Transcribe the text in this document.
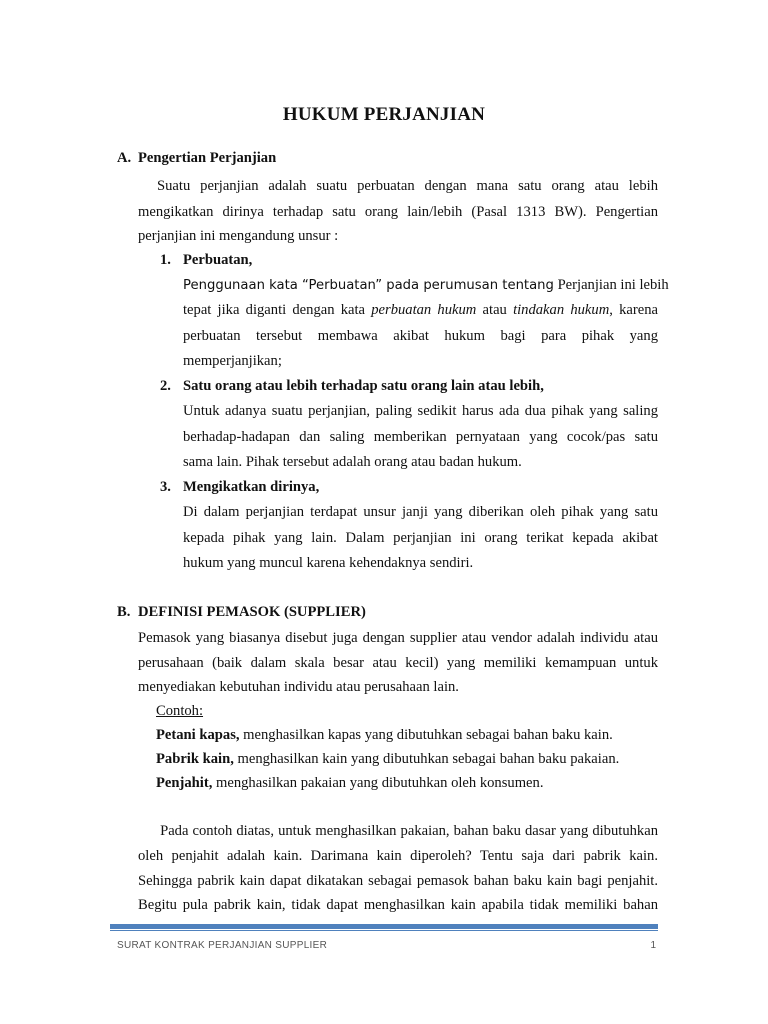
HUKUM PERJANJIAN
A. Pengertian Perjanjian
Suatu perjanjian adalah suatu perbuatan dengan mana satu orang atau lebih
mengikatkan dirinya terhadap satu orang lain/lebih (Pasal 1313 BW). Pengertian
perjanjian ini mengandung unsur :
1. Perbuatan,
Penggunaan kata “Perbuatan” pada perumusan tentang Perjanjian ini lebih
tepat jika diganti dengan kata perbuatan hukum atau tindakan hukum, karena
perbuatan tersebut membawa akibat hukum bagi para pihak yang
memperjanjikan;
2. Satu orang atau lebih terhadap satu orang lain atau lebih,
Untuk adanya suatu perjanjian, paling sedikit harus ada dua pihak yang saling
berhadap-hadapan dan saling memberikan pernyataan yang cocok/pas satu
sama lain. Pihak tersebut adalah orang atau badan hukum.
3. Mengikatkan dirinya,
Di dalam perjanjian terdapat unsur janji yang diberikan oleh pihak yang satu
kepada pihak yang lain. Dalam perjanjian ini orang terikat kepada akibat
hukum yang muncul karena kehendaknya sendiri.
B. DEFINISI PEMASOK (SUPPLIER)
Pemasok yang biasanya disebut juga dengan supplier atau vendor adalah individu atau
perusahaan (baik dalam skala besar atau kecil) yang memiliki kemampuan untuk
menyediakan kebutuhan individu atau perusahaan lain.
Contoh:
Petani kapas, menghasilkan kapas yang dibutuhkan sebagai bahan baku kain.
Pabrik kain, menghasilkan kain yang dibutuhkan sebagai bahan baku pakaian.
Penjahit, menghasilkan pakaian yang dibutuhkan oleh konsumen.
Pada contoh diatas, untuk menghasilkan pakaian, bahan baku dasar yang dibutuhkan
oleh penjahit adalah kain. Darimana kain diperoleh? Tentu saja dari pabrik kain.
Sehingga pabrik kain dapat dikatakan sebagai pemasok bahan baku kain bagi penjahit.
Begitu pula pabrik kain, tidak dapat menghasilkan kain apabila tidak memiliki bahan
SURAT KONTRAK PERJANJIAN SUPPLIER	1
